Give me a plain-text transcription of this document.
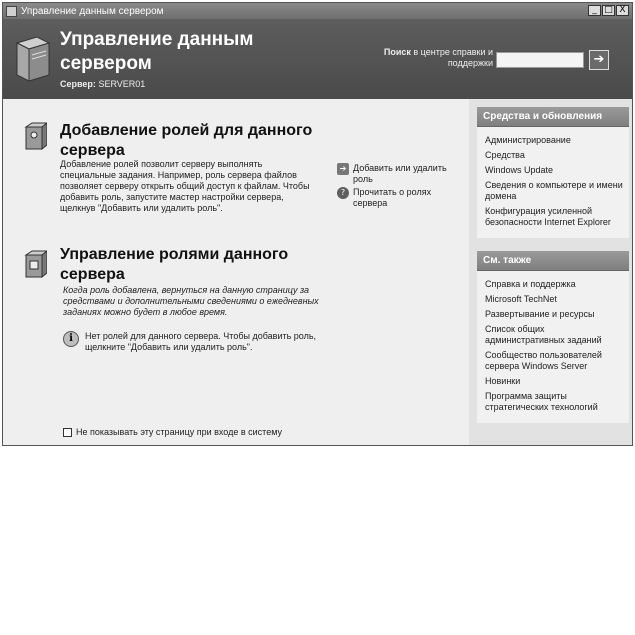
Управление данным сервером	_ □ X
Управление данным сервером
Сервер: SERVER01
Поиск в центре справки и поддержки	➔
Добавление ролей для данного сервера
Добавление ролей позволит серверу выполнять специальные задания. Например, роль сервера файлов позволяет серверу открыть общий доступ к файлам. Чтобы добавить роль, запустите мастер настройки сервера, щелкнув "Добавить или удалить роль".
➔ Добавить или удалить роль
? Прочитать о ролях сервера
Управление ролями данного сервера
Когда роль добавлена, вернуться на данную страницу за средствами и дополнительными сведениями о ежедневных заданиях можно будет в любое время.
i	Нет ролей для данного сервера. Чтобы добавить роль, щелкните "Добавить или удалить роль".
Не показывать эту страницу при входе в систему
Средства и обновления
Администрирование
Средства
Windows Update
Сведения о компьютере и имени домена
Конфигурация усиленной безопасности Internet Explorer
См. также
Справка и поддержка
Microsoft TechNet
Развертывание и ресурсы
Список общих административных заданий
Сообщество пользователей сервера Windows Server
Новинки
Программа защиты стратегических технологий
